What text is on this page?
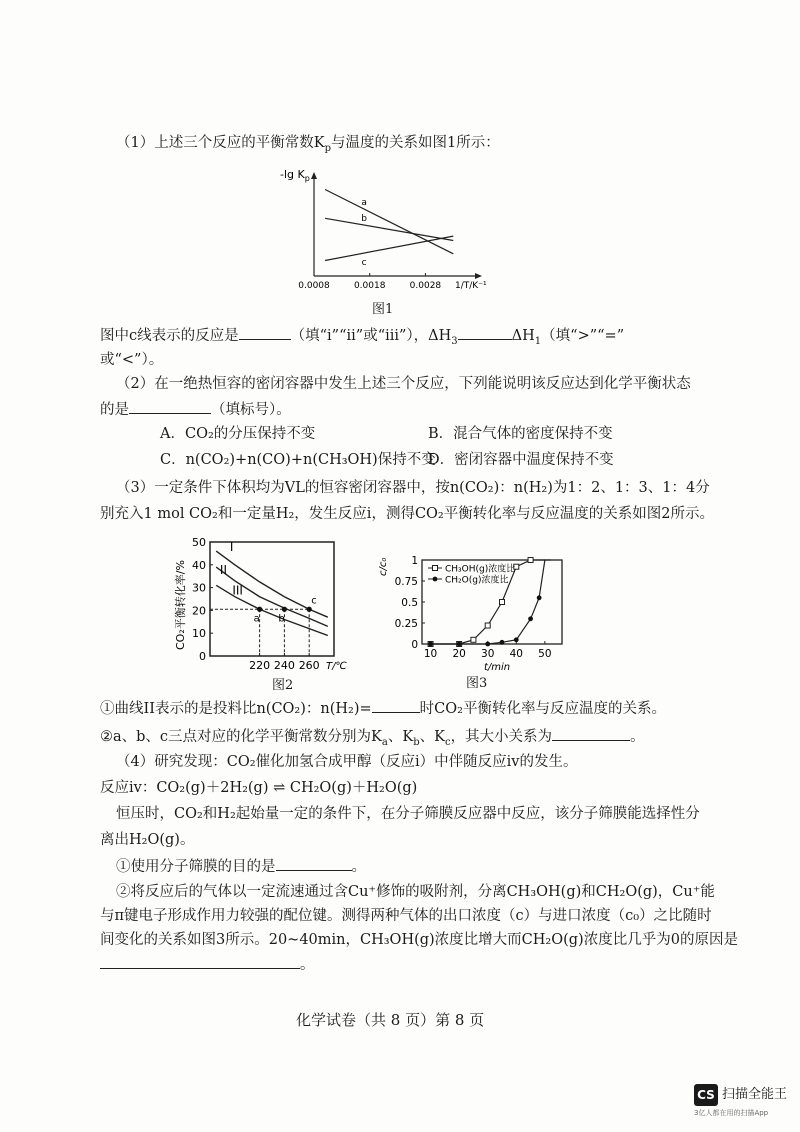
（1）上述三个反应的平衡常数$K_p$与温度的关系如图1所示：
0.0008	0.0018	0.0028
a
b
c
-lg $K_p$
1/T/K⁻¹
图1
图中c线表示的反应是	（填“i”“ii”或“iii”），$\Delta H_3$	$\Delta H_1$（填“>”“=”
或“<”）。
（2）在一绝热恒容的密闭容器中发生上述三个反应，下列能说明该反应达到化学平衡状态
的是	（填标号）。
A．CO₂的分压保持不变	B．混合气体的密度保持不变
C．n(CO₂)+n(CO)+n(CH₃OH)保持不变
D．密闭容器中温度保持不变
（3）一定条件下体积均为VL的恒容密闭容器中，按n(CO₂)：n(H₂)为1：2、1：3、1：4分
别充入1 mol CO₂和一定量H₂，发生反应i，测得CO₂平衡转化率与反应温度的关系如图2所示。
0
10
20
30
40
50
220 240 260
I
II
III
a b
c
CO₂平衡转化率/%
T/℃
图2
0
0.25
0.5
0.75
1
10 20 30 40 50
CH₃OH(g)浓度比
CH₂O(g)浓度比
c/c₀
t/min
图3
①曲线II表示的是投料比n(CO₂)：n(H₂)=	时CO₂平衡转化率与反应温度的关系。
②a、b、c三点对应的化学平衡常数分别为$K_a$、$K_b$、$K_c$，其大小关系为	。
（4）研究发现：CO₂催化加氢合成甲醇（反应i）中伴随反应iv的发生。
反应iv：CO₂(g)＋2H₂(g) ⇌ CH₂O(g)＋H₂O(g)
恒压时，CO₂和H₂起始量一定的条件下，在分子筛膜反应器中反应，该分子筛膜能选择性分
离出H₂O(g)。
①使用分子筛膜的目的是	。
②将反应后的气体以一定流速通过含Cu⁺修饰的吸附剂，分离CH₃OH(g)和CH₂O(g)，Cu⁺能
与π键电子形成作用力较强的配位键。测得两种气体的出口浓度（c）与进口浓度（c₀）之比随时
间变化的关系如图3所示。20~40min，CH₃OH(g)浓度比增大而CH₂O(g)浓度比几乎为0的原因是
。
化学试卷（共 8 页）第 8 页
CS 扫描全能王
3亿人都在用的扫描App
